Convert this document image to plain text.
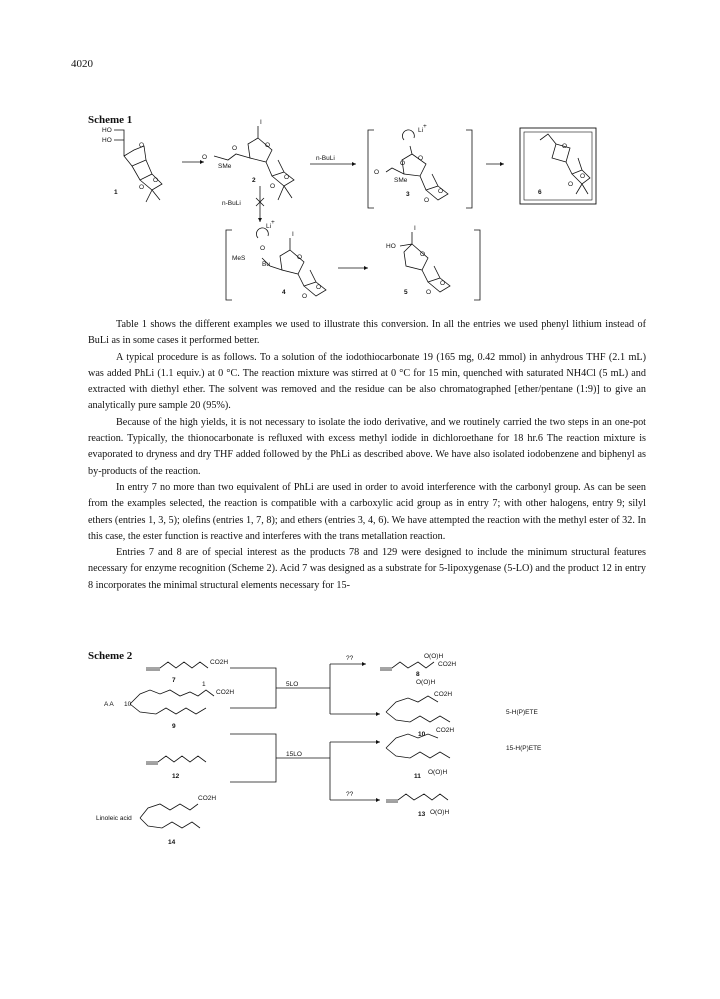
4020
Scheme 1
HO
HO
O
O
O
1
I
O
O
O
SMe
O
O
2
n-BuLi
Li
+
O
O
O
SMe
O
O
3
O
O
O
6
n-BuLi
Li
+
O
I
O
MeS
Bu
O
O
4
I
HO
O
O
O
5

Table 1 shows the different examples we used to illustrate this conversion. In all the entries we used phenyl lithium instead of BuLi as in some cases it performed better.

A typical procedure is as follows. To a solution of the iodothiocarbonate 19 (165 mg, 0.42 mmol) in anhydrous THF (2.1 mL) was added PhLi (1.1 equiv.) at 0 °C. The reaction mixture was stirred at 0 °C for 15 min, quenched with saturated NH4Cl (5 mL) and extracted with diethyl ether. The solvent was removed and the residue can be also chromatographed [ether/pentane (1:9)] to give an analytically pure sample 20 (95%).

Because of the high yields, it is not necessary to isolate the iodo derivative, and we routinely carried the two steps in an one-pot reaction. Typically, the thionocarbonate is refluxed with excess methyl iodide in dichloroethane for 18 hr.6 The reaction mixture is evaporated to dryness and dry THF added followed by the PhLi as described above. We have also isolated iodobenzene and biphenyl as by-products of the reaction.

In entry 7 no more than two equivalent of PhLi are used in order to avoid interference with the carbonyl group. As can be seen from the examples selected, the reaction is compatible with a carboxylic acid group as in entry 7; with other halogens, entry 9; silyl ethers (entries 1, 3, 5); olefins (entries 1, 7, 8); and ethers (entries 3, 4, 6). We have attempted the reaction with the methyl ester of 32. In this case, the ester function is reactive and interferes with the trans metallation reaction.

Entries 7 and 8 are of special interest as the products 78 and 129 were designed to include the minimum structural features necessary for enzyme recognition (Scheme 2). Acid 7 was designed as a substrate for 5-lipoxygenase (5-LO) and the product 12 in entry 8 incorporates the minimal structural elements necessary for 15-

Scheme 2
CO2H
7
A A 10
CO2H
1
9
12
Linoleic acid
CO2H
14
5LO
??
15LO
??
O(O)H
CO2H
8
O(O)H
CO2H
10
5-H(P)ETE
CO2H
11
O(O)H
15-H(P)ETE
13 O(O)H
